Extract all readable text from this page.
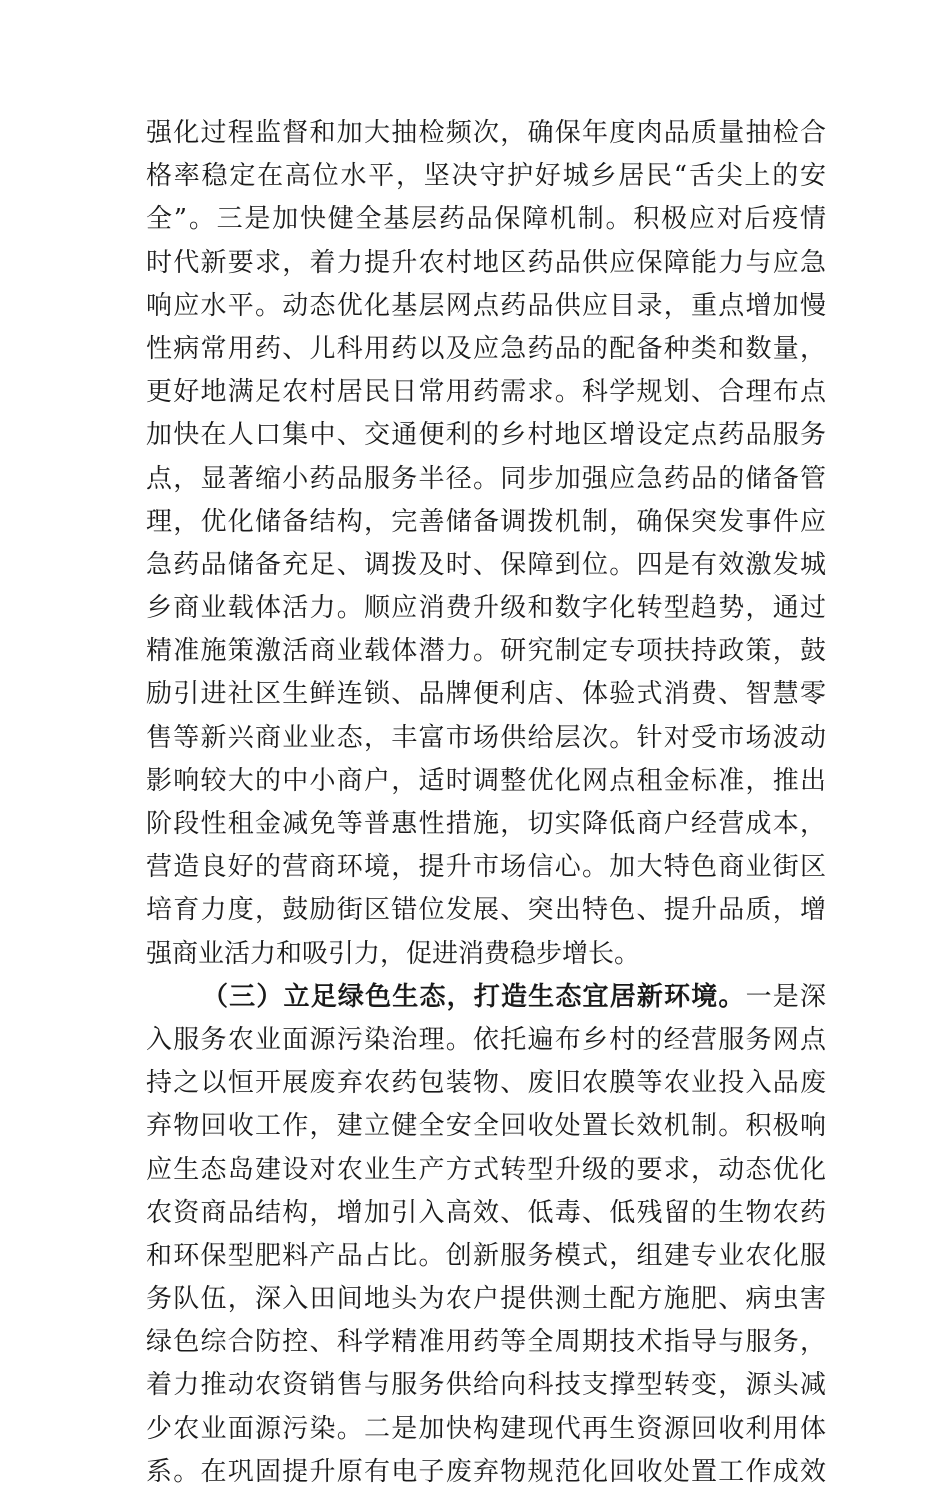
强化过程监督和加大抽检频次，确保年度肉品质量抽检合
格率稳定在高位水平，坚决守护好城乡居民“舌尖上的安
全”。三是加快健全基层药品保障机制。积极应对后疫情
时代新要求，着力提升农村地区药品供应保障能力与应急
响应水平。动态优化基层网点药品供应目录，重点增加慢
性病常用药、儿科用药以及应急药品的配备种类和数量，
更好地满足农村居民日常用药需求。科学规划、合理布点
加快在人口集中、交通便利的乡村地区增设定点药品服务
点，显著缩小药品服务半径。同步加强应急药品的储备管
理，优化储备结构，完善储备调拨机制，确保突发事件应
急药品储备充足、调拨及时、保障到位。四是有效激发城
乡商业载体活力。顺应消费升级和数字化转型趋势，通过
精准施策激活商业载体潜力。研究制定专项扶持政策，鼓
励引进社区生鲜连锁、品牌便利店、体验式消费、智慧零
售等新兴商业业态，丰富市场供给层次。针对受市场波动
影响较大的中小商户，适时调整优化网点租金标准，推出
阶段性租金减免等普惠性措施，切实降低商户经营成本，
营造良好的营商环境，提升市场信心。加大特色商业街区
培育力度，鼓励街区错位发展、突出特色、提升品质，增
强商业活力和吸引力，促进消费稳步增长。
（三）立足绿色生态，打造生态宜居新环境。一是深
入服务农业面源污染治理。依托遍布乡村的经营服务网点
持之以恒开展废弃农药包装物、废旧农膜等农业投入品废
弃物回收工作，建立健全安全回收处置长效机制。积极响
应生态岛建设对农业生产方式转型升级的要求，动态优化
农资商品结构，增加引入高效、低毒、低残留的生物农药
和环保型肥料产品占比。创新服务模式，组建专业农化服
务队伍，深入田间地头为农户提供测土配方施肥、病虫害
绿色综合防控、科学精准用药等全周期技术指导与服务，
着力推动农资销售与服务供给向科技支撑型转变，源头减
少农业面源污染。二是加快构建现代再生资源回收利用体
系。在巩固提升原有电子废弃物规范化回收处置工作成效
